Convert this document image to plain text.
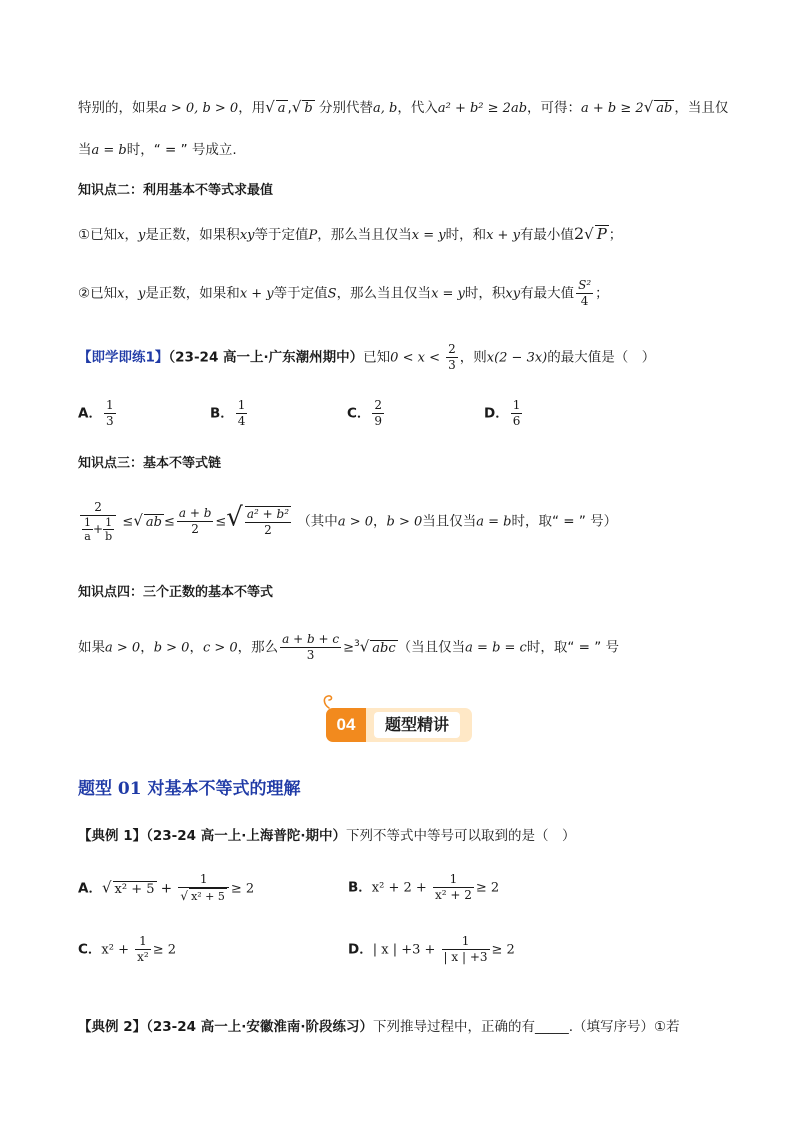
特别的，如果a > 0, b > 0，用√ a ,√ b 分别代替a, b，代入a² + b² ≥ 2ab，可得：a + b ≥ 2√ ab ，当且仅
当a = b时，“ = ” 号成立.
知识点二：利用基本不等式求最值
①已知x，y是正数，如果积xy等于定值P，那么当且仅当x = y时，和x + y有最小值2√ P ；
②已知x，y是正数，如果和x + y等于定值S，那么当且仅当x = y时，积xy有最大值 $\frac{\text{S²}}{4}$ ；
【即学即练1】（23-24 高一上·广东潮州期中）已知$0 < x < \frac{2}{3}$ ，则x(2 − 3x)的最大值是（　）
A． $\frac{1}{3}$	B． $\frac{1}{4}$	C． $\frac{2}{9}$	D． $\frac{1}{6}$
知识点三：基本不等式链
$\frac{2}{\frac{1}{a} + \frac{1}{b}}$ ≤√ ab ≤ $\frac{a + b}{2}$ ≤√ $\frac{\text{a² + b²}}{2}$ （其中a > 0，b > 0当且仅当a = b时，取“ = ” 号）
知识点四：三个正数的基本不等式
如果a > 0，b > 0，c > 0，那么 $\frac{a + b + c}{3} \ge^3√$ abc （当且仅当a = b = c时，取“ = ” 号
04	题型精讲
题型 01 对基本不等式的理解
【典例 1】（23-24 高一上·上海普陀·期中）下列不等式中等号可以取到的是（　）
A．√ $x^2 + 5 + \frac{1}{\text{√ x² + 5}} \ge 2$	B．$x^2 + 2 + \frac{1}{\text{x² + 2}} \ge 2$
C．$x^2 + \frac{1}{\text{x²}} \ge 2$	D．| x | $+3 + \frac{1}{| x | +3} \ge 2$
【典例 2】（23-24 高一上·安徽淮南·阶段练习）下列推导过程中，正确的有_____.（填写序号）①若
